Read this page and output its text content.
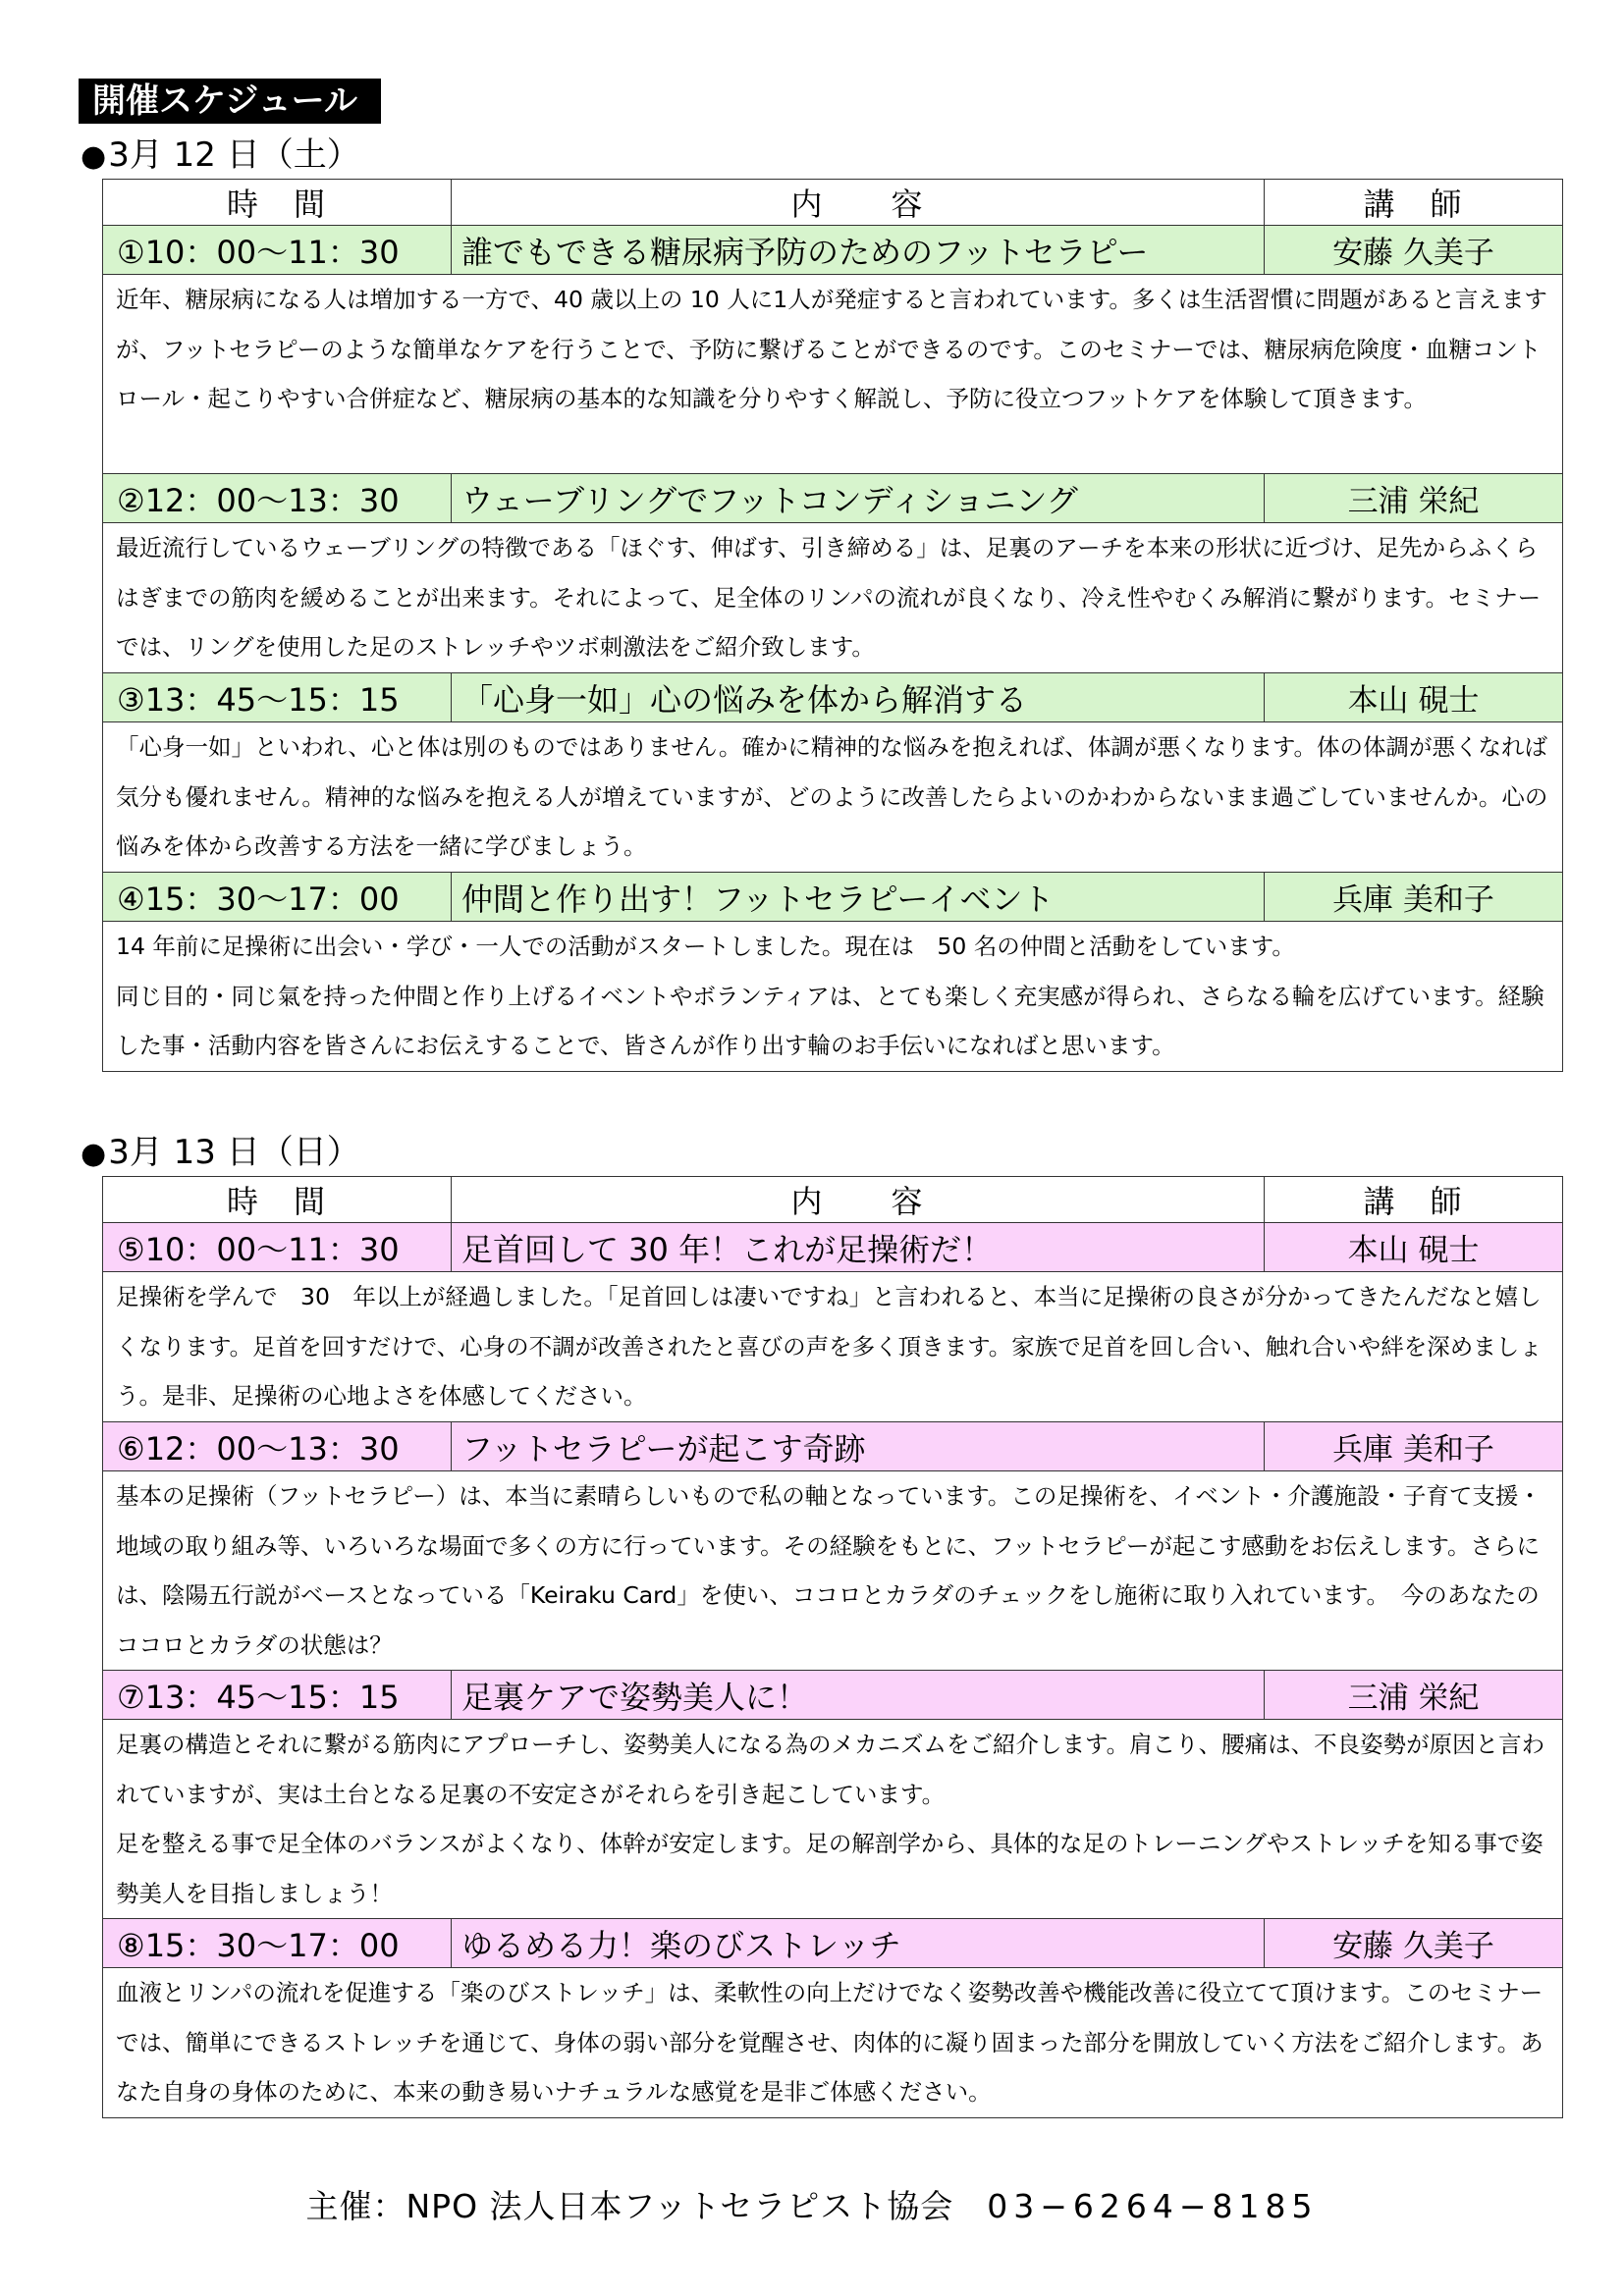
開催スケジュール
●3月 12 日（土）
時　間	内　　容	講　師
①10：00〜11：30	誰でもできる糖尿病予防のためのフットセラピー	安藤 久美子

近年、糖尿病になる人は増加する一方で、40 歳以上の 10 人に1人が発症すると言われています。多くは生活習慣に問題があると言えますが、フットセラピーのような簡単なケアを行うことで、予防に繋げることができるのです。このセミナーでは、糖尿病危険度・血糖コントロール・起こりやすい合併症など、糖尿病の基本的な知識を分りやすく解説し、予防に役立つフットケアを体験して頂きます。		

②12：00〜13：30	ウェーブリングでフットコンディショニング	三浦 栄紀

最近流行しているウェーブリングの特徴である「ほぐす、伸ばす、引き締める」は、足裏のアーチを本来の形状に近づけ、足先からふくらはぎまでの筋肉を緩めることが出来ます。それによって、足全体のリンパの流れが良くなり、冷え性やむくみ解消に繋がります。セミナーでは、リングを使用した足のストレッチやツボ刺激法をご紹介致します。		

③13：45〜15：15	「心身一如」心の悩みを体から解消する	本山 硯士

「心身一如」といわれ、心と体は別のものではありません。確かに精神的な悩みを抱えれば、体調が悪くなります。体の体調が悪くなれば気分も優れません。精神的な悩みを抱える人が増えていますが、どのように改善したらよいのかわからないまま過ごしていませんか。心の悩みを体から改善する方法を一緒に学びましょう。		

④15：30〜17：00	仲間と作り出す！フットセラピーイベント	兵庫 美和子

14 年前に足操術に出会い・学び・一人での活動がスタートしました。現在は　50 名の仲間と活動をしています。

同じ目的・同じ氣を持った仲間と作り上げるイベントやボランティアは、とても楽しく充実感が得られ、さらなる輪を広げています。経験した事・活動内容を皆さんにお伝えすることで、皆さんが作り出す輪のお手伝いになればと思います。		

●3月 13 日（日）
時　間	内　　容	講　師
⑤10：00〜11：30	足首回して 30 年！これが足操術だ！	本山 硯士

足操術を学んで　30　年以上が経過しました。「足首回しは凄いですね」と言われると、本当に足操術の良さが分かってきたんだなと嬉しくなります。足首を回すだけで、心身の不調が改善されたと喜びの声を多く頂きます。家族で足首を回し合い、触れ合いや絆を深めましょう。是非、足操術の心地よさを体感してください。		

⑥12：00〜13：30	フットセラピーが起こす奇跡	兵庫 美和子

基本の足操術（フットセラピー）は、本当に素晴らしいもので私の軸となっています。この足操術を、イベント・介護施設・子育て支援・地域の取り組み等、いろいろな場面で多くの方に行っています。その経験をもとに、フットセラピーが起こす感動をお伝えします。さらには、陰陽五行説がベースとなっている「Keiraku Card」を使い、ココロとカラダのチェックをし施術に取り入れています。　今のあなたのココロとカラダの状態は？		

⑦13：45〜15：15	足裏ケアで姿勢美人に！	三浦 栄紀

足裏の構造とそれに繋がる筋肉にアプローチし、姿勢美人になる為のメカニズムをご紹介します。肩こり、腰痛は、不良姿勢が原因と言われていますが、実は土台となる足裏の不安定さがそれらを引き起こしています。

足を整える事で足全体のバランスがよくなり、体幹が安定します。足の解剖学から、具体的な足のトレーニングやストレッチを知る事で姿勢美人を目指しましょう！		

⑧15：30〜17：00	ゆるめる力！楽のびストレッチ	安藤 久美子

血液とリンパの流れを促進する「楽のびストレッチ」は、柔軟性の向上だけでなく姿勢改善や機能改善に役立てて頂けます。このセミナーでは、簡単にできるストレッチを通じて、身体の弱い部分を覚醒させ、肉体的に凝り固まった部分を開放していく方法をご紹介します。あなた自身の身体のために、本来の動き易いナチュラルな感覚を是非ご体感ください。		

主催：NPO 法人日本フットセラピスト協会 03−6264−8185
